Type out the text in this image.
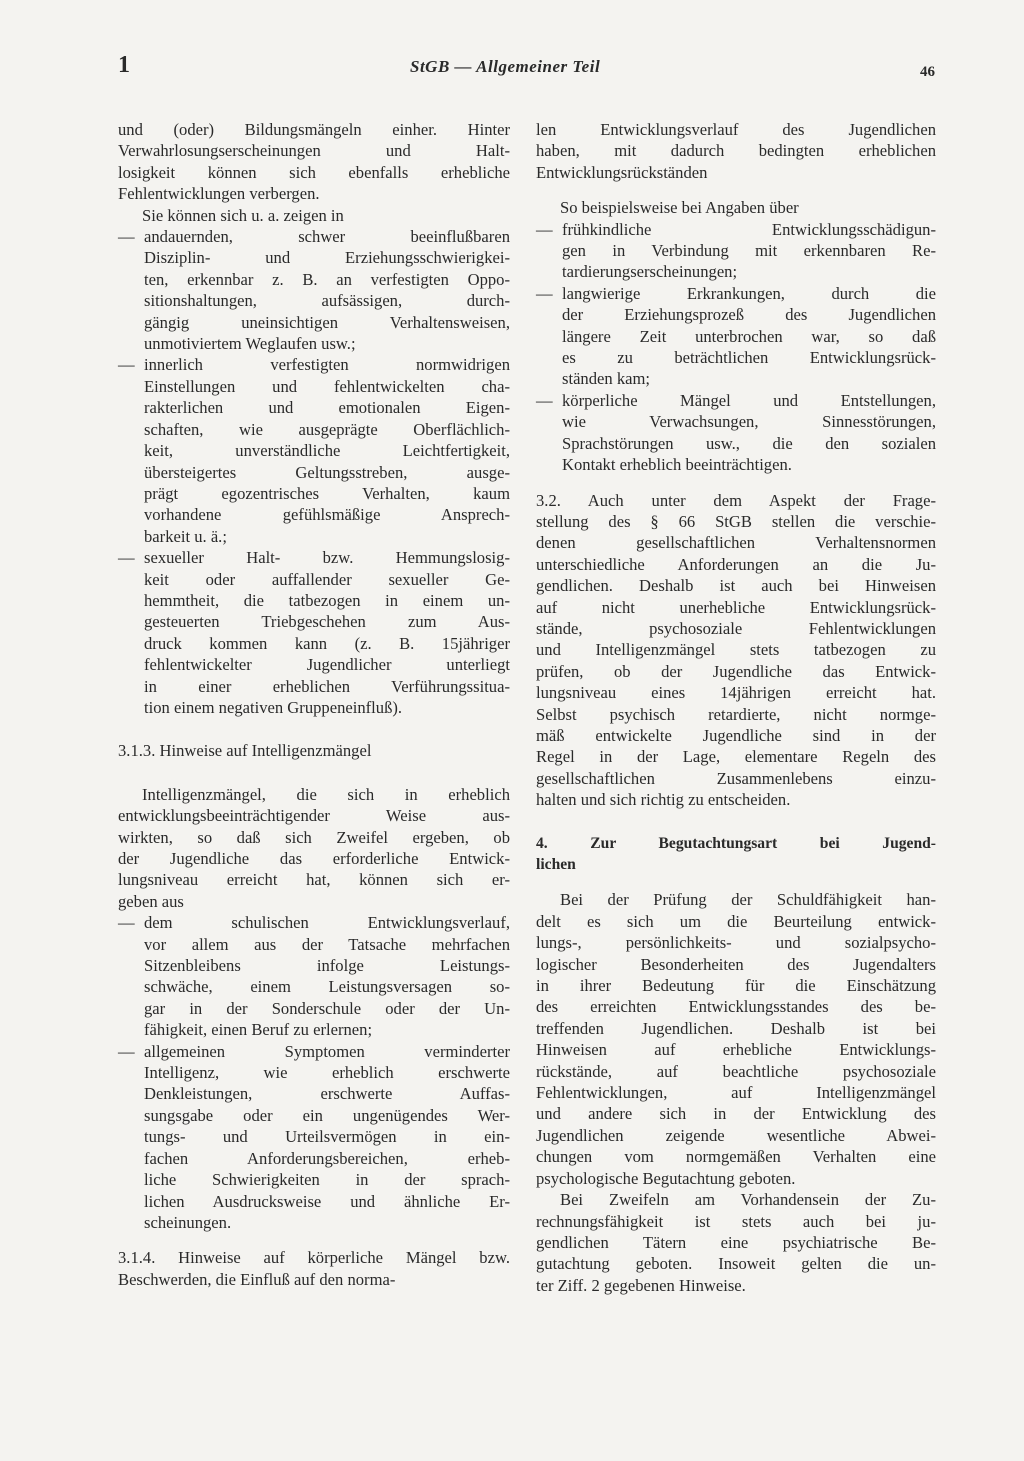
1	StGB — Allgemeiner Teil	46

und (oder) Bildungsmängeln einher. Hinter

Verwahrlosungserscheinungen und Halt-

losigkeit können sich ebenfalls erhebliche

Fehlentwicklungen verbergen.

Sie können sich u. a. zeigen in

— andauernden, schwer beeinflußbaren

Disziplin- und Erziehungsschwierigkei-

ten, erkennbar z. B. an verfestigten Oppo-

sitionshaltungen, aufsässigen, durch-

gängig uneinsichtigen Verhaltensweisen,

unmotiviertem Weglaufen usw.;

— innerlich verfestigten normwidrigen

Einstellungen und fehlentwickelten cha-

rakterlichen und emotionalen Eigen-

schaften, wie ausgeprägte Oberflächlich-

keit, unverständliche Leichtfertigkeit,

übersteigertes Geltungsstreben, ausge-

prägt egozentrisches Verhalten, kaum

vorhandene gefühlsmäßige Ansprech-

barkeit u. ä.;

— sexueller Halt- bzw. Hemmungslosig-

keit oder auffallender sexueller Ge-

hemmtheit, die tatbezogen in einem un-

gesteuerten Triebgeschehen zum Aus-

druck kommen kann (z. B. 15jähriger

fehlentwickelter Jugendlicher unterliegt

in einer erheblichen Verführungssitua-

tion einem negativen Gruppeneinfluß).

3.1.3. Hinweise auf Intelligenzmängel

Intelligenzmängel, die sich in erheblich

entwicklungsbeeinträchtigender Weise aus-

wirkten, so daß sich Zweifel ergeben, ob

der Jugendliche das erforderliche Entwick-

lungsniveau erreicht hat, können sich er-

geben aus

— dem schulischen Entwicklungsverlauf,

vor allem aus der Tatsache mehrfachen

Sitzenbleibens infolge Leistungs-

schwäche, einem Leistungsversagen so-

gar in der Sonderschule oder der Un-

fähigkeit, einen Beruf zu erlernen;

— allgemeinen Symptomen verminderter

Intelligenz, wie erheblich erschwerte

Denkleistungen, erschwerte Auffas-

sungsgabe oder ein ungenügendes Wer-

tungs- und Urteilsvermögen in ein-

fachen Anforderungsbereichen, erheb-

liche Schwierigkeiten in der sprach-

lichen Ausdrucksweise und ähnliche Er-

scheinungen.

3.1.4. Hinweise auf körperliche Mängel bzw.

Beschwerden, die Einfluß auf den norma-

len Entwicklungsverlauf des Jugendlichen

haben, mit dadurch bedingten erheblichen

Entwicklungsrückständen

So beispielsweise bei Angaben über

— frühkindliche Entwicklungsschädigun-

gen in Verbindung mit erkennbaren Re-

tardierungserscheinungen;

— langwierige Erkrankungen, durch die

der Erziehungsprozeß des Jugendlichen

längere Zeit unterbrochen war, so daß

es zu beträchtlichen Entwicklungsrück-

ständen kam;

— körperliche Mängel und Entstellungen,

wie Verwachsungen, Sinnesstörungen,

Sprachstörungen usw., die den sozialen

Kontakt erheblich beeinträchtigen.

3.2. Auch unter dem Aspekt der Frage-

stellung des § 66 StGB stellen die verschie-

denen gesellschaftlichen Verhaltensnormen

unterschiedliche Anforderungen an die Ju-

gendlichen. Deshalb ist auch bei Hinweisen

auf nicht unerhebliche Entwicklungsrück-

stände, psychosoziale Fehlentwicklungen

und Intelligenzmängel stets tatbezogen zu

prüfen, ob der Jugendliche das Entwick-

lungsniveau eines 14jährigen erreicht hat.

Selbst psychisch retardierte, nicht normge-

mäß entwickelte Jugendliche sind in der

Regel in der Lage, elementare Regeln des

gesellschaftlichen Zusammenlebens einzu-

halten und sich richtig zu entscheiden.

4. Zur Begutachtungsart bei Jugend-

lichen

Bei der Prüfung der Schuldfähigkeit han-

delt es sich um die Beurteilung entwick-

lungs-, persönlichkeits- und sozialpsycho-

logischer Besonderheiten des Jugendalters

in ihrer Bedeutung für die Einschätzung

des erreichten Entwicklungsstandes des be-

treffenden Jugendlichen. Deshalb ist bei

Hinweisen auf erhebliche Entwicklungs-

rückstände, auf beachtliche psychosoziale

Fehlentwicklungen, auf Intelligenzmängel

und andere sich in der Entwicklung des

Jugendlichen zeigende wesentliche Abwei-

chungen vom normgemäßen Verhalten eine

psychologische Begutachtung geboten.

Bei Zweifeln am Vorhandensein der Zu-

rechnungsfähigkeit ist stets auch bei ju-

gendlichen Tätern eine psychiatrische Be-

gutachtung geboten. Insoweit gelten die un-

ter Ziff. 2 gegebenen Hinweise.
